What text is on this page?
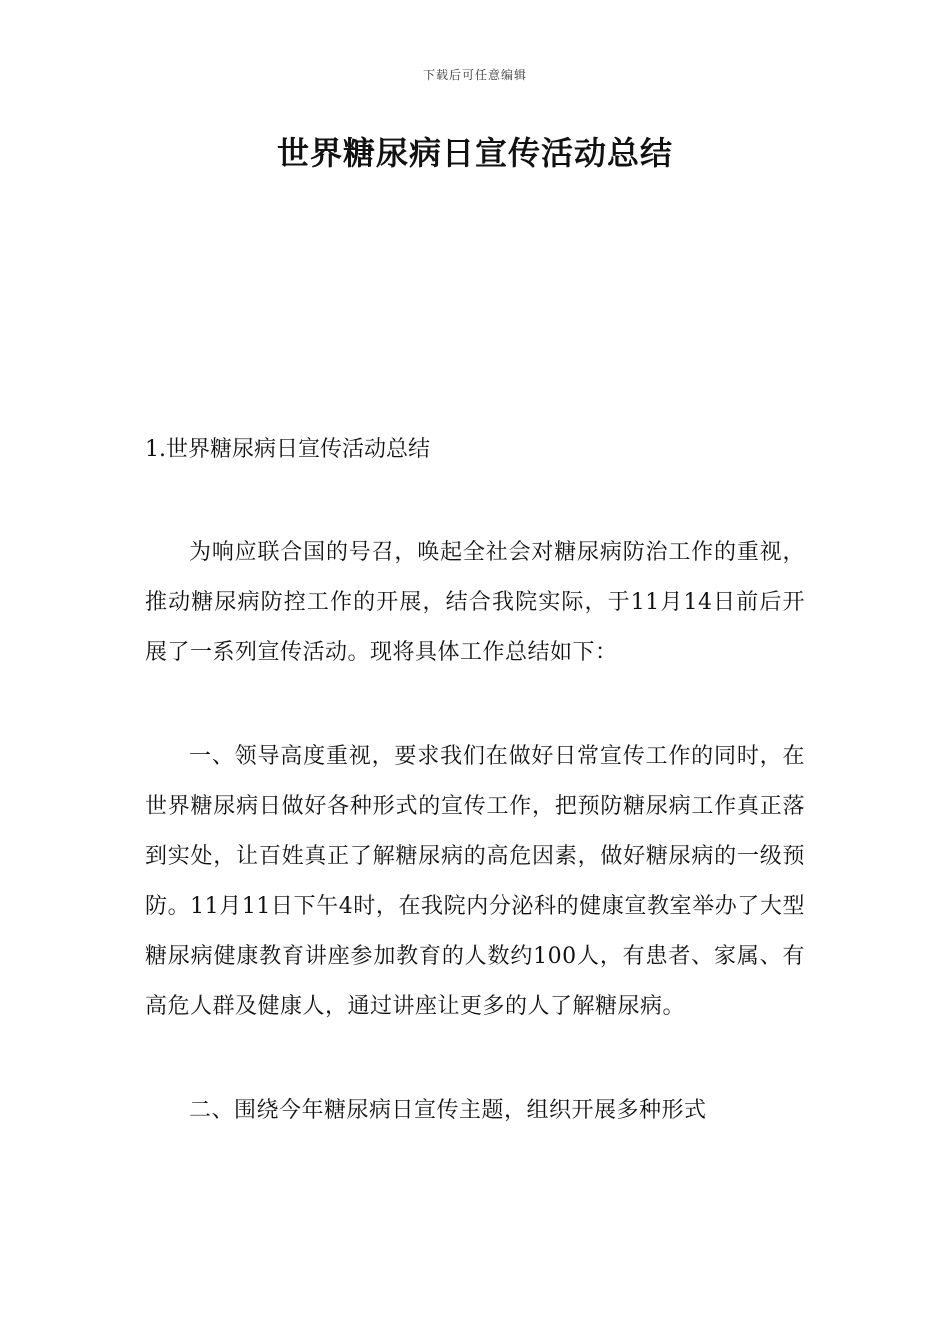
下载后可任意编辑
世界糖尿病日宣传活动总结

1.世界糖尿病日宣传活动总结

为响应联合国的号召，唤起全社会对糖尿病防治工作的重视，推动糖尿病防控工作的开展，结合我院实际，于11月14日前后开展了一系列宣传活动。现将具体工作总结如下：

一、领导高度重视，要求我们在做好日常宣传工作的同时，在世界糖尿病日做好各种形式的宣传工作，把预防糖尿病工作真正落到实处，让百姓真正了解糖尿病的高危因素，做好糖尿病的一级预防。11月11日下午4时，在我院内分泌科的健康宣教室举办了大型糖尿病健康教育讲座参加教育的人数约100人，有患者、家属、有高危人群及健康人，通过讲座让更多的人了解糖尿病。

二、围绕今年糖尿病日宣传主题，组织开展多种形式
